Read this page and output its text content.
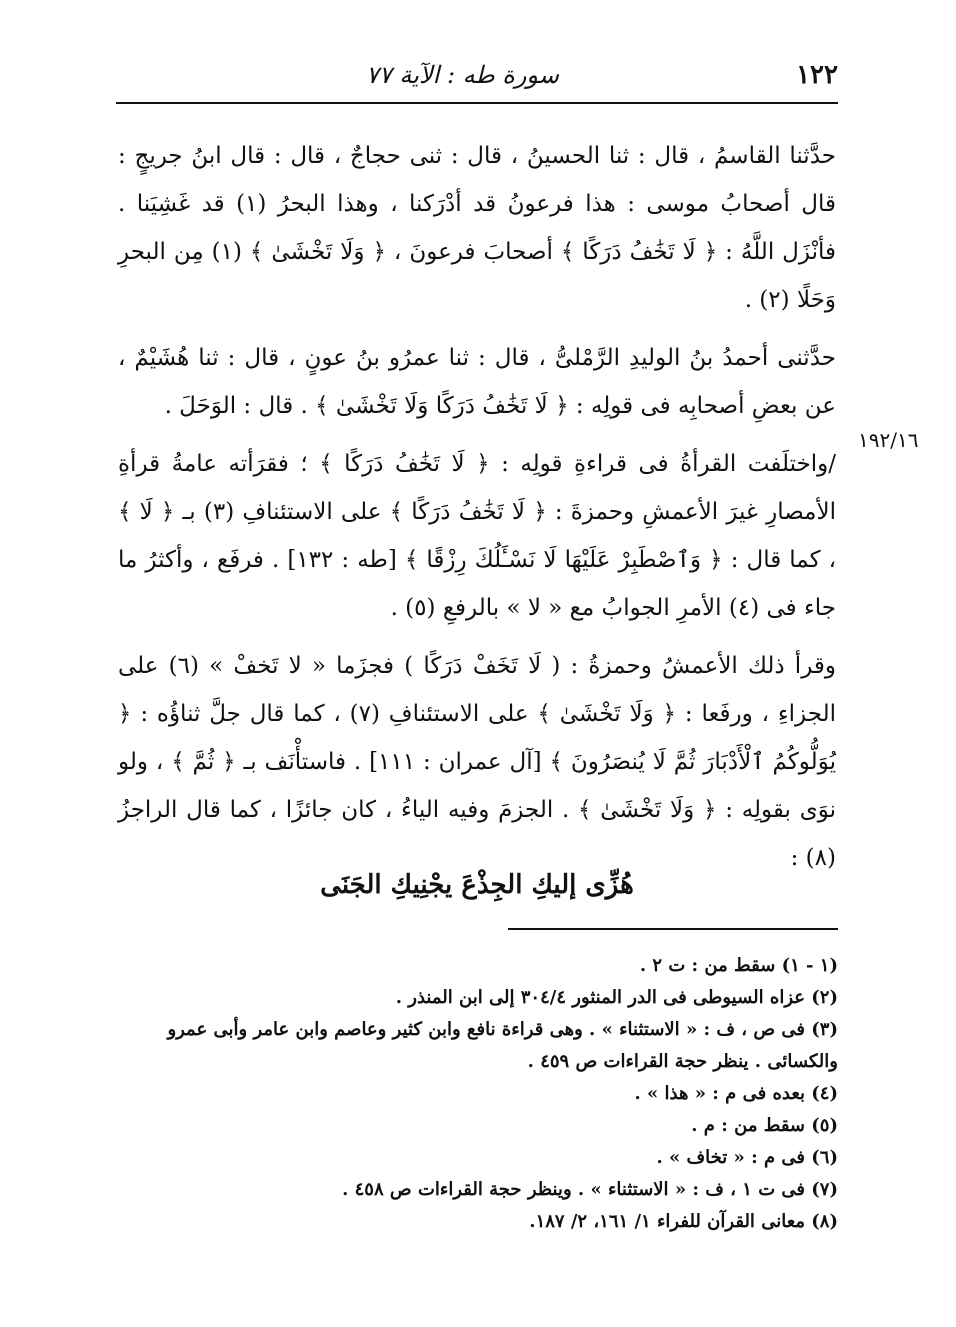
١٢٢
سورة طه : الآية ٧٧
١٩٢/١٦

حدَّثنا القاسمُ ، قال : ثنا الحسينُ ، قال : ثنى حجاجٌ ، قال : قال ابنُ جريجٍ : قال أصحابُ موسى : هذا فرعونُ قد أدْرَكنا ، وهذا البحرُ (١) قد غَشِيَنا . فأنْزَل اللَّهُ : ﴿ لَا تَخَٰفُ دَرَكًا ﴾ أصحابَ فرعونَ ، ﴿ وَلَا تَخْشَىٰ ﴾ (١) مِن البحرِ وَحَلًا (٢) .

حدَّثنى أحمدُ بنُ الوليدِ الرَّمْلىُّ ، قال : ثنا عمرُو بنُ عونٍ ، قال : ثنا هُشَيْمٌ ، عن بعضِ أصحابِه فى قولِه : ﴿ لَا تَخَٰفُ دَرَكًا وَلَا تَخْشَىٰ ﴾ . قال : الوَحَلَ .

/واختلَفت القرأةُ فى قراءةِ قولِه : ﴿ لَا تَخَٰفُ دَرَكًا ﴾ ؛ فقرَأته عامةُ قرأةِ الأمصارِ غيرَ الأعمشِ وحمزةَ : ﴿ لَا تَخَٰفُ دَرَكًا ﴾ على الاستئنافِ (٣) بـ ﴿ لَا ﴾ ، كما قال : ﴿ وَٱصْطَبِرْ عَلَيْهَا لَا نَسْـَٔلُكَ رِزْقًا ﴾ [طه : ١٣٢] . فرفَع ، وأكثرُ ما جاء فى (٤) الأمرِ الجوابُ مع « لا » بالرفعِ (٥) .

وقرأ ذلك الأعمشُ وحمزةُ : ( لَا تَخَفْ دَرَكًا ) فجزَما « لا تَخفْ » (٦) على الجزاءِ ، ورفَعا : ﴿ وَلَا تَخْشَىٰ ﴾ على الاستئنافِ (٧) ، كما قال جلَّ ثناؤُه : ﴿ يُوَلُّوكُمُ ٱلْأَدْبَارَ ثُمَّ لَا يُنصَرُونَ ﴾ [آل عمران : ١١١] . فاستأْنَف بـ ﴿ ثُمَّ ﴾ ، ولو نوَى بقولِه : ﴿ وَلَا تَخْشَىٰ ﴾ . الجزمَ وفيه الياءُ ، كان جائزًا ، كما قال الراجزُ (٨) :

هُزِّى إليكِ الجِذْعَ يجْنِيكِ الجَنَى

(١ - ١) سقط من : ت ٢ .

(٢) عزاه السيوطى فى الدر المنثور ٣٠٤/٤ إلى ابن المنذر .

(٣) فى ص ، ف : « الاستثناء » . وهى قراءة نافع وابن كثير وعاصم وابن عامر وأبى عمرو والكسائى . ينظر حجة القراءات ص ٤٥٩ .

(٤) بعده فى م : « هذا » .

(٥) سقط من : م .

(٦) فى م : « تخاف » .

(٧) فى ت ١ ، ف : « الاستثناء » . وينظر حجة القراءات ص ٤٥٨ .

(٨) معانى القرآن للفراء ١/ ١٦١، ٢/ ١٨٧.
